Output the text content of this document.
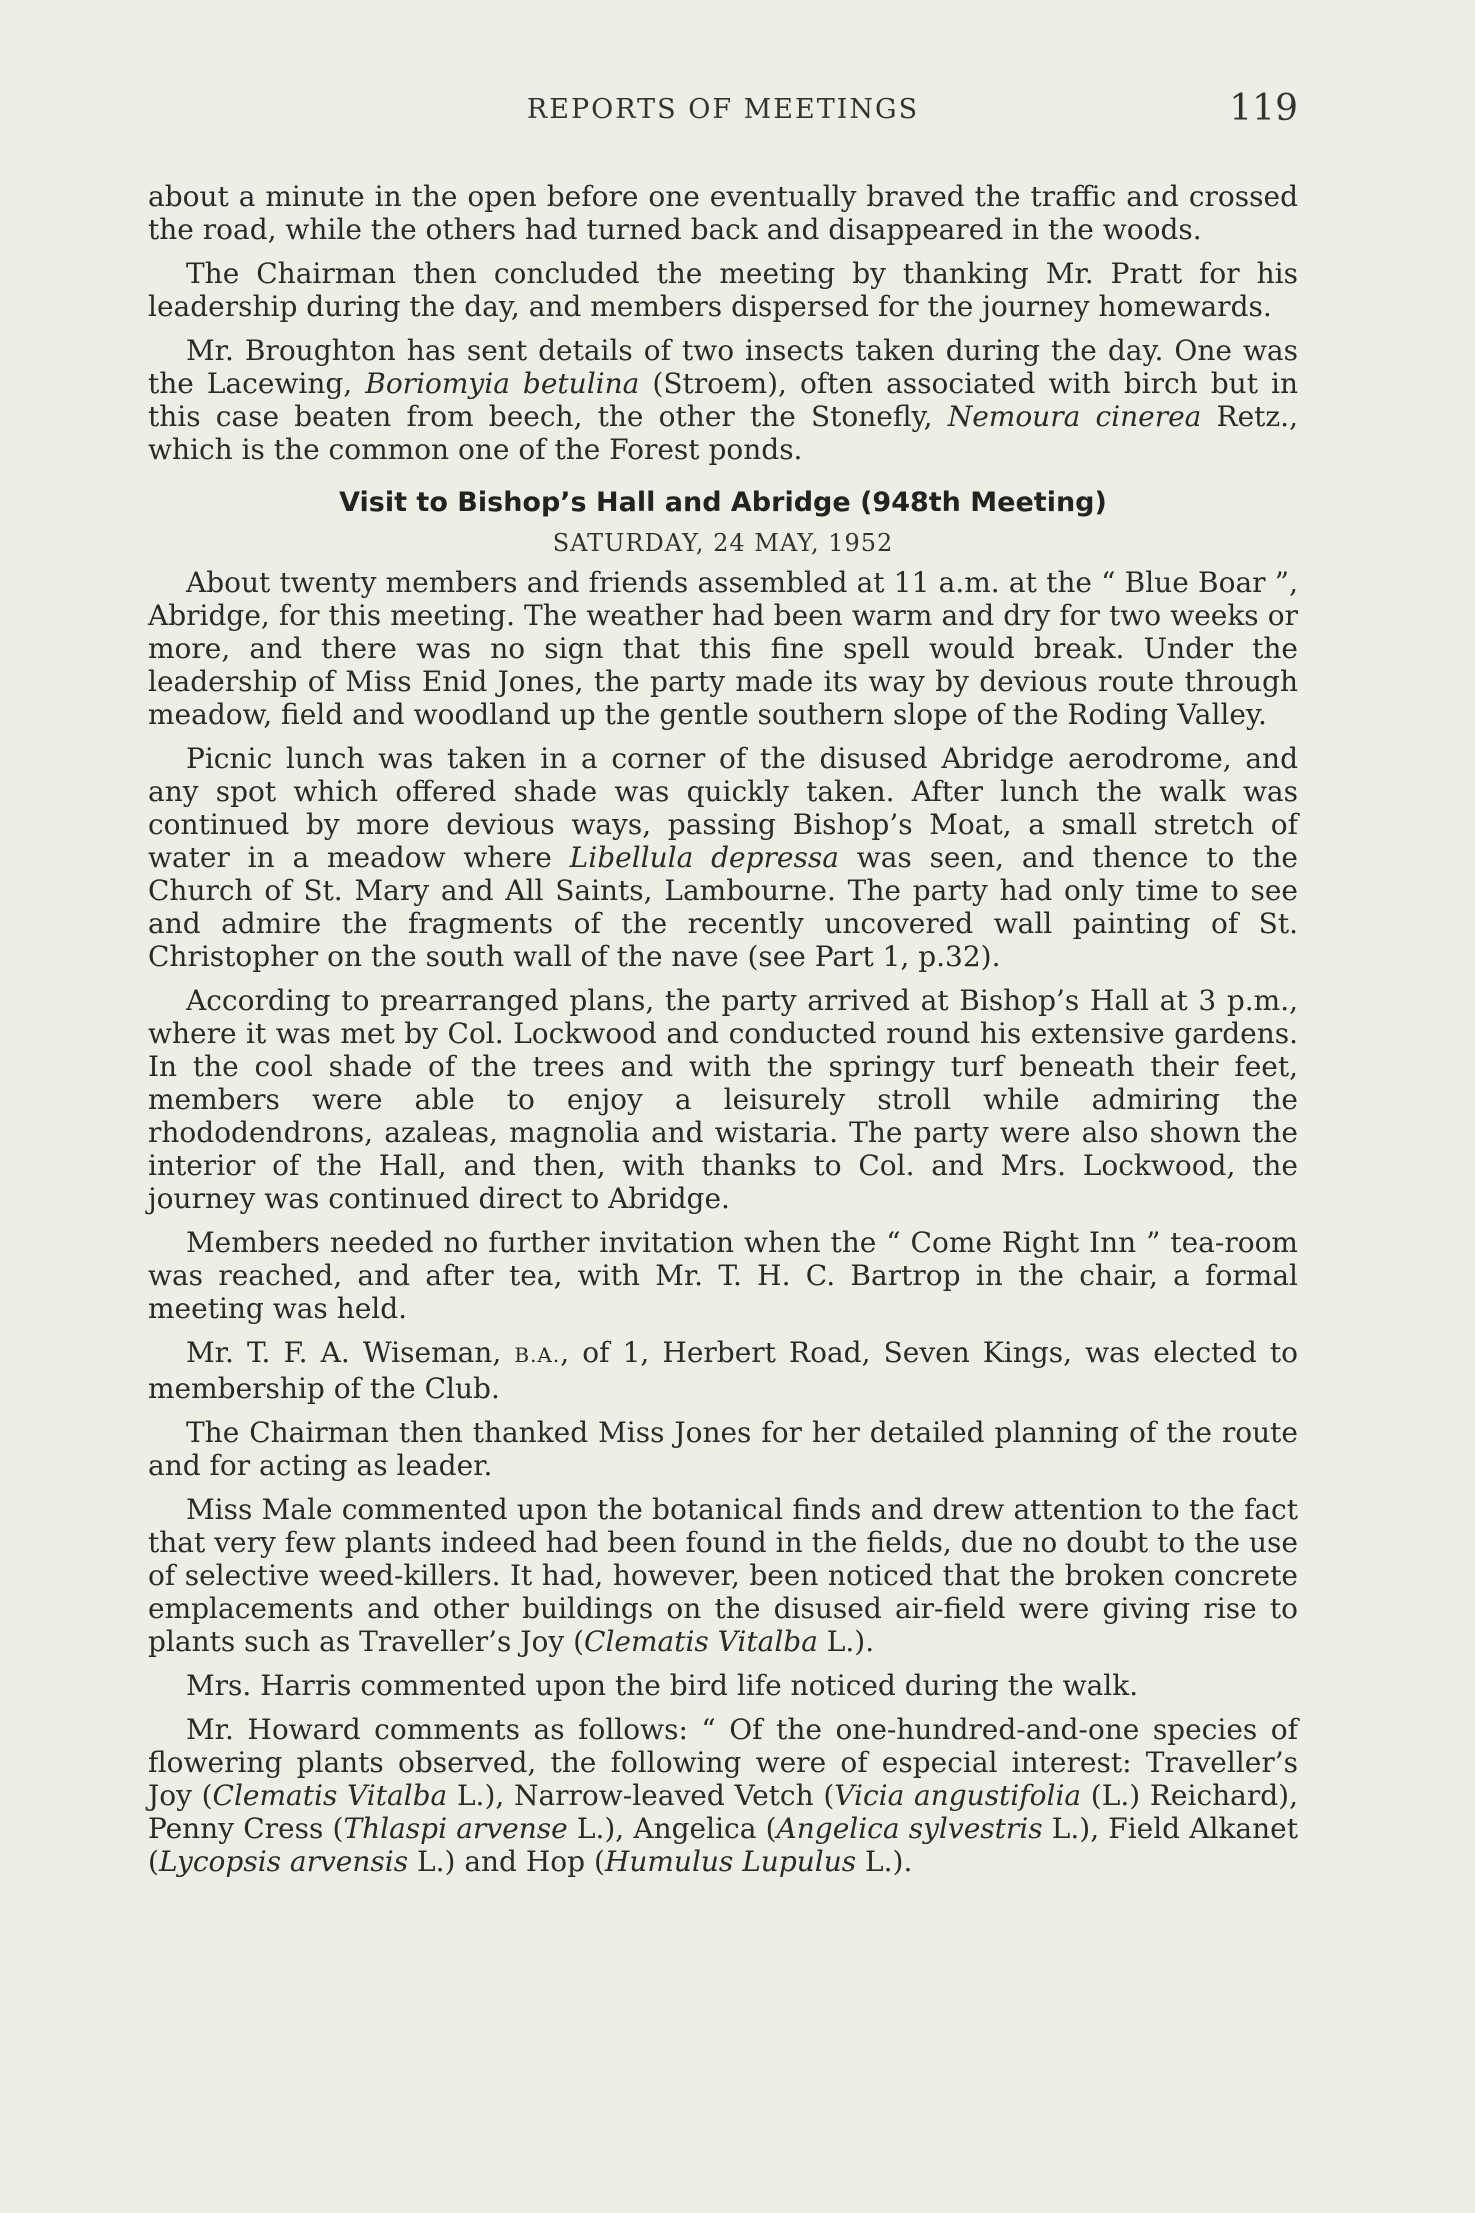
REPORTS OF MEETINGS	119

about a minute in the open before one eventually braved the traffic and crossed the road, while the others had turned back and disappeared in the woods.

The Chairman then concluded the meeting by thanking Mr. Pratt for his leadership during the day, and members dispersed for the journey homewards.

Mr. Broughton has sent details of two insects taken during the day. One was the Lacewing, Boriomyia betulina (Stroem), often associated with birch but in this case beaten from beech, the other the Stonefly, Nemoura cinerea Retz., which is the common one of the Forest ponds.

Visit to Bishop’s Hall and Abridge (948th Meeting)
SATURDAY, 24 MAY, 1952

About twenty members and friends assembled at 11 a.m. at the “ Blue Boar ”, Abridge, for this meeting. The weather had been warm and dry for two weeks or more, and there was no sign that this fine spell would break. Under the leadership of Miss Enid Jones, the party made its way by devious route through meadow, field and woodland up the gentle southern slope of the Roding Valley.

Picnic lunch was taken in a corner of the disused Abridge aerodrome, and any spot which offered shade was quickly taken. After lunch the walk was continued by more devious ways, passing Bishop’s Moat, a small stretch of water in a meadow where Libellula depressa was seen, and thence to the Church of St. Mary and All Saints, Lambourne. The party had only time to see and admire the fragments of the recently uncovered wall painting of St. Christopher on the south wall of the nave (see Part 1, p.32).

According to prearranged plans, the party arrived at Bishop’s Hall at 3 p.m., where it was met by Col. Lockwood and conducted round his extensive gardens. In the cool shade of the trees and with the springy turf beneath their feet, members were able to enjoy a leisurely stroll while admiring the rhododendrons, azaleas, magnolia and wistaria. The party were also shown the interior of the Hall, and then, with thanks to Col. and Mrs. Lockwood, the journey was continued direct to Abridge.

Members needed no further invitation when the “ Come Right Inn ” tea-room was reached, and after tea, with Mr. T. H. C. Bartrop in the chair, a formal meeting was held.

Mr. T. F. A. Wiseman, B.A., of 1, Herbert Road, Seven Kings, was elected to membership of the Club.

The Chairman then thanked Miss Jones for her detailed planning of the route and for acting as leader.

Miss Male commented upon the botanical finds and drew attention to the fact that very few plants indeed had been found in the fields, due no doubt to the use of selective weed-killers. It had, however, been noticed that the broken concrete emplacements and other buildings on the disused air-field were giving rise to plants such as Traveller’s Joy (Clematis Vitalba L.).

Mrs. Harris commented upon the bird life noticed during the walk.

Mr. Howard comments as follows: “ Of the one-hundred-and-one species of flowering plants observed, the following were of especial interest: Traveller’s Joy (Clematis Vitalba L.), Narrow-leaved Vetch (Vicia angustifolia (L.) Reichard), Penny Cress (Thlaspi arvense L.), Angelica (Angelica sylvestris L.), Field Alkanet (Lycopsis arvensis L.) and Hop (Humulus Lupulus L.).
